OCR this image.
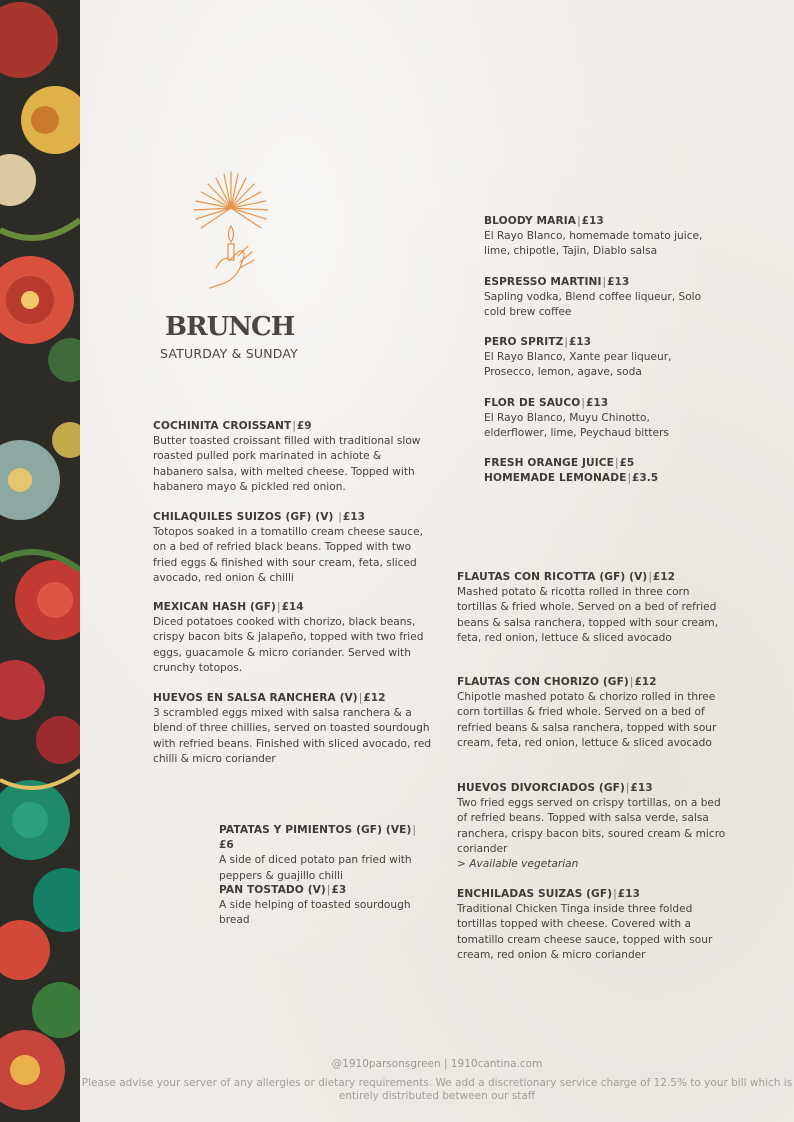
BRUNCH
SATURDAY & SUNDAY
BLOODY MARIA|£13
El Rayo Blanco, homemade tomato juice, lime, chipotle, Tajin, Diablo salsa
ESPRESSO MARTINI|£13
Sapling vodka, Blend coffee liqueur, Solo cold brew coffee
PERO SPRITZ|£13
El Rayo Blanco, Xante pear liqueur, Prosecco, lemon, agave, soda
FLOR DE SAUCO|£13
El Rayo Blanco, Muyu Chinotto, elderflower, lime, Peychaud bitters
FRESH ORANGE JUICE|£5
HOMEMADE LEMONADE|£3.5
COCHINITA CROISSANT|£9
Butter toasted croissant filled with traditional slow roasted pulled pork marinated in achiote & habanero salsa, with melted cheese. Topped with habanero mayo & pickled red onion.
CHILAQUILES SUIZOS (GF) (V) |£13
Totopos soaked in a tomatillo cream cheese sauce, on a bed of refried black beans. Topped with two fried eggs & finished with sour cream, feta, sliced avocado, red onion & chilli
MEXICAN HASH (GF)|£14
Diced potatoes cooked with chorizo, black beans, crispy bacon bits & jalapeño, topped with two fried eggs, guacamole & micro coriander. Served with crunchy totopos.
HUEVOS EN SALSA RANCHERA (V)|£12
3 scrambled eggs mixed with salsa ranchera & a blend of three chillies, served on toasted sourdough with refried beans. Finished with sliced avocado, red chilli & micro coriander
PATATAS Y PIMIENTOS (GF) (VE)|£6
A side of diced potato pan fried with peppers & guajillo chilli
PAN TOSTADO (V)|£3
A side helping of toasted sourdough bread
FLAUTAS CON RICOTTA (GF) (V)|£12
Mashed potato & ricotta rolled in three corn tortillas & fried whole. Served on a bed of refried beans & salsa ranchera, topped with sour cream, feta, red onion, lettuce & sliced avocado
FLAUTAS CON CHORIZO (GF)|£12
Chipotle mashed potato & chorizo rolled in three corn tortillas & fried whole. Served on a bed of refried beans & salsa ranchera, topped with sour cream, feta, red onion, lettuce & sliced avocado
HUEVOS DIVORCIADOS (GF)|£13
Two fried eggs served on crispy tortillas, on a bed of refried beans. Topped with salsa verde, salsa ranchera, crispy bacon bits, soured cream & micro coriander
> Available vegetarian
ENCHILADAS SUIZAS (GF)|£13
Traditional Chicken Tinga inside three folded tortillas topped with cheese. Covered with a tomatillo cream cheese sauce, topped with sour cream, red onion & micro coriander
@1910parsonsgreen | 1910cantina.com
Please advise your server of any allergies or dietary requirements. We add a discretionary service charge of 12.5% to your bill which is entirely distributed between our staff
